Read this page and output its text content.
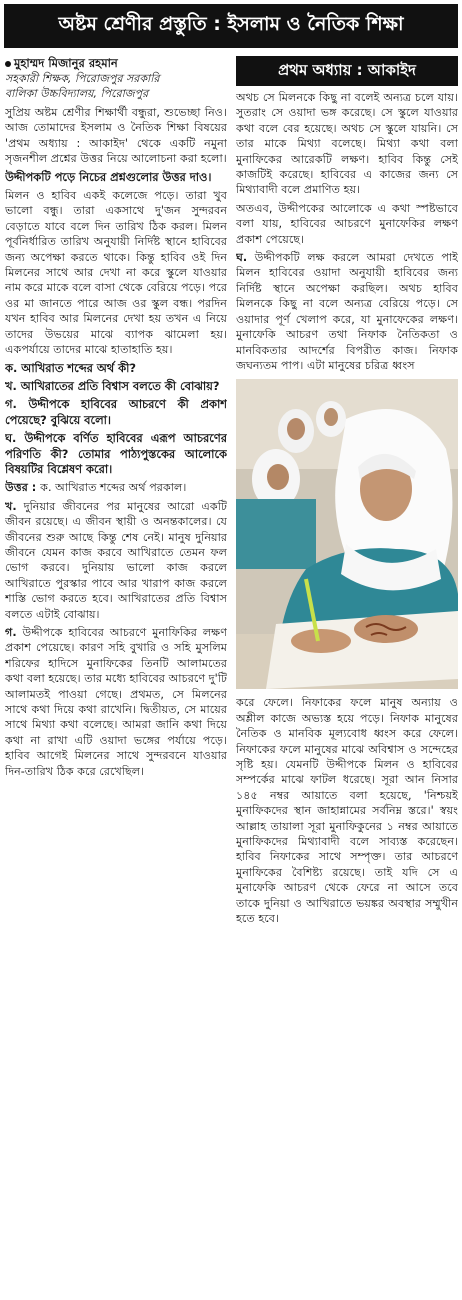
অষ্টম শ্রেণীর প্রস্তুতি : ইসলাম ও নৈতিক শিক্ষা

মুহাম্মদ মিজানুর রহমান

সহকারী শিক্ষক, পিরোজপুর সরকারি
বালিকা উচ্চবিদ্যালয়, পিরোজপুর

সুপ্রিয় অষ্টম শ্রেণীর শিক্ষার্থী বন্ধুরা, শুভেচ্ছা নিও। আজ তোমাদের ইসলাম ও নৈতিক শিক্ষা বিষয়ের 'প্রথম অধ্যায় : আকাইদ' থেকে একটি নমুনা সৃজনশীল প্রশ্নের উত্তর নিয়ে আলোচনা করা হলো।

উদ্দীপকটি পড়ে নিচের প্রশ্নগুলোর উত্তর দাও।

মিলন ও হাবিব একই কলেজে পড়ে। তারা খুব ভালো বন্ধু। তারা একসাথে দু'জন সুন্দরবন বেড়াতে যাবে বলে দিন তারিখ ঠিক করল। মিলন পূর্বনির্ধারিত তারিখ অনুযায়ী নির্দিষ্ট স্থানে হাবিবের জন্য অপেক্ষা করতে থাকে। কিন্তু হাবিব ওই দিন মিলনের সাথে আর দেখা না করে স্কুলে যাওয়ার নাম করে মাকে বলে বাসা থেকে বেরিয়ে পড়ে। পরে ওর মা জানতে পারে আজ ওর স্কুল বন্ধ। পরদিন যখন হাবিব আর মিলনের দেখা হয় তখন এ নিয়ে তাদের উভয়ের মাঝে ব্যাপক ঝামেলা হয়। একপর্যায়ে তাদের মাঝে হাতাহাতি হয়।

ক. আখিরাত শব্দের অর্থ কী?

খ. আখিরাতের প্রতি বিশ্বাস বলতে কী বোঝায়?

গ. উদ্দীপকে হাবিবের আচরণে কী প্রকাশ পেয়েছে? বুঝিয়ে বলো।

ঘ. উদ্দীপকে বর্ণিত হাবিবের এরূপ আচরণের পরিণতি কী? তোমার পাঠ্যপুস্তকের আলোকে বিষয়টির বিশ্লেষণ করো।

উত্তর : ক. আখিরাত শব্দের অর্থ পরকাল।

খ. দুনিয়ার জীবনের পর মানুষের আরো একটি জীবন রয়েছে। এ জীবন স্থায়ী ও অনন্তকালের। যে জীবনের শুরু আছে কিন্তু শেষ নেই। মানুষ দুনিয়ার জীবনে যেমন কাজ করবে আখিরাতে তেমন ফল ভোগ করবে। দুনিয়ায় ভালো কাজ করলে আখিরাতে পুরস্কার পাবে আর খারাপ কাজ করলে শাস্তি ভোগ করতে হবে। আখিরাতের প্রতি বিশ্বাস বলতে এটাই বোঝায়।

গ. উদ্দীপকে হাবিবের আচরণে মুনাফিকির লক্ষণ প্রকাশ পেয়েছে। কারণ সহি বুখারি ও সহি মুসলিম শরিফের হাদিসে মুনাফিকের তিনটি আলামতের কথা বলা হয়েছে। তার মধ্যে হাবিবের আচরণে দু'টি আলামতই পাওয়া গেছে। প্রথমত, সে মিলনের সাথে কথা দিয়ে কথা রাখেনি। দ্বিতীয়ত, সে মায়ের সাথে মিথ্যা কথা বলেছে। আমরা জানি কথা দিয়ে কথা না রাখা এটি ওয়াদা ভঙ্গের পর্যায়ে পড়ে। হাবিব আগেই মিলনের সাথে সুন্দরবনে যাওয়ার দিন-তারিখ ঠিক করে রেখেছিল।

প্রথম অধ্যায় : আকাইদ

অথচ সে মিলনকে কিছু না বলেই অন্যত্র চলে যায়। সুতরাং সে ওয়াদা ভঙ্গ করেছে। সে স্কুলে যাওয়ার কথা বলে বের হয়েছে। অথচ সে স্কুলে যায়নি। সে তার মাকে মিথ্যা বলেছে। মিথ্যা কথা বলা মুনাফিকের আরেকটি লক্ষণ। হাবিব কিন্তু সেই কাজটিই করেছে। হাবিবের এ কাজের জন্য সে মিথ্যাবাদী বলে প্রমাণিত হয়।

অতএব, উদ্দীপকের আলোকে এ কথা স্পষ্টভাবে বলা যায়, হাবিবের আচরণে মুনাফেকির লক্ষণ প্রকাশ পেয়েছে।

ঘ. উদ্দীপকটি লক্ষ করলে আমরা দেখতে পাই মিলন হাবিবের ওয়াদা অনুযায়ী হাবিবের জন্য নির্দিষ্ট স্থানে অপেক্ষা করছিল। অথচ হাবিব মিলনকে কিছু না বলে অন্যত্র বেরিয়ে পড়ে। সে ওয়াদার পূর্ণ খেলাপ করে, যা মুনাফেকের লক্ষণ। মুনাফেকি আচরণ তথা নিফাক নৈতিকতা ও মানবিকতার আদর্শের বিপরীত কাজ। নিফাক জঘন্যতম পাপ। এটা মানুষের চরিত্র ধ্বংস

করে ফেলে। নিফাকের ফলে মানুষ অন্যায় ও অশ্লীল কাজে অভ্যস্ত হয়ে পড়ে। নিফাক মানুষের নৈতিক ও মানবিক মূল্যবোধ ধ্বংস করে ফেলে। নিফাকের ফলে মানুষের মাঝে অবিশ্বাস ও সন্দেহের সৃষ্টি হয়। যেমনটি উদ্দীপকে মিলন ও হাবিবের সম্পর্কের মাঝে ফাটল ধরেছে। সূরা আন নিসার ১৪৫ নম্বর আয়াতে বলা হয়েছে, 'নিশ্চয়ই মুনাফিকদের স্থান জাহান্নামের সর্বনিম্ন স্তরে।' স্বয়ং আল্লাহ তায়ালা সূরা মুনাফিকুনের ১ নম্বর আয়াতে মুনাফিকদের মিথ্যাবাদী বলে সাব্যস্ত করেছেন। হাবিব নিফাকের সাথে সম্পৃক্ত। তার আচরণে মুনাফিকের বৈশিষ্ট্য রয়েছে। তাই যদি সে এ মুনাফেকি আচরণ থেকে ফেরে না আসে তবে তাকে দুনিয়া ও আখিরাতে ভয়ঙ্কর অবস্থার সম্মুখীন হতে হবে।
